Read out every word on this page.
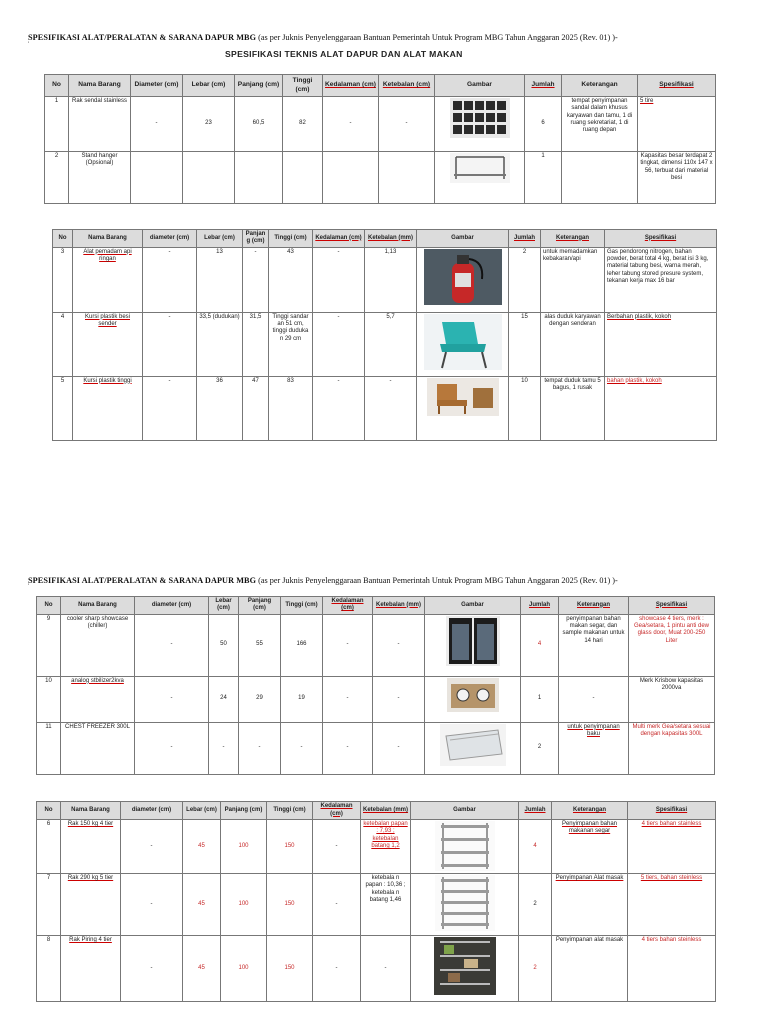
SPESIFIKASI ALAT/PERALATAN & SARANA DAPUR MBG (as per Juknis Penyelenggaraan Bantuan Pemerintah Untuk Program MBG Tahun Anggaran 2025 (Rev. 01) )-
'
SPESIFIKASI TEKNIS ALAT DAPUR DAN ALAT MAKAN
No	Nama Barang	Diameter (cm)	Lebar (cm)	Panjang (cm)	Tinggi (cm)	Kedalaman (cm)	Ketebalan (cm)	Gambar	Jumlah	Keterangan	Spesifikasi
1	Rak sendal stainless	-	23	60,5	82	-	-		6	tempat penyimpanan sandal dalam khusus karyawan dan tamu, 1 di ruang sekretariat, 1 di ruang depan	5 tire
2	Stand hanger (Opsional)								1		Kapasitas besar terdapat 2 tingkat, dimensi 110x 147 x 56, terbuat dari material besi
No	Nama Barang	diameter (cm)	Lebar (cm)	Panjang (cm)	Tinggi (cm)	Kedalaman (cm)	Ketebalan (mm)	Gambar	Jumlah	Keterangan	Spesifikasi
3	Alat pemadam api ringan	-	13	-	43	-	1,13		2	untuk memadamkan kebakaran/api	Gas pendorong nitrogen, bahan powder, berat total 4 kg, berat isi 3 kg, material tabung besi, warna merah, leher tabung stored presure system, tekanan kerja max 16 bar
4	Kursi plastik besi sender	-	33,5 (dudukan)	31,5	Tinggi sandar an 51 cm, tinggi duduka n 29 cm	-	5,7		15	alas duduk karyawan dengan senderan	Berbahan plastik, kokoh
5	Kursi plastik tinggi	-	36	47	83	-	-		10	tempat duduk tamu 5 bagus, 1 rusak	bahan plastik, kokoh
SPESIFIKASI ALAT/PERALATAN & SARANA DAPUR MBG (as per Juknis Penyelenggaraan Bantuan Pemerintah Untuk Program MBG Tahun Anggaran 2025 (Rev. 01) )-
'
No	Nama Barang	diameter (cm)	Lebar (cm)	Panjang (cm)	Tinggi (cm)	Kedalaman (cm)	Ketebalan (mm)	Gambar	Jumlah	Keterangan	Spesifikasi
9	cooler sharp showcase (chiller)	-	50	55	166	-	-		4	penyimpanan bahan makan segar, dan sample makanan untuk 14 hari	showcase 4 tiers, merk : Gea/setara, 1 pintu anti dew glass door, Muat 200-250 Liter
10	analog stbilizer2kva	-	24	29	19	-	-		1	-	Merk Krisbow kapasitas 2000va
11	CHEST FREEZER 300L	-	-	-	-	-	-		2	untuk penyimpanan baku	Multi merk Gea/setara sesuai dengan kapasitas 300L
No	Nama Barang	diameter (cm)	Lebar (cm)	Panjang (cm)	Tinggi (cm)	Kedalaman (cm)	Ketebalan (mm)	Gambar	Jumlah	Keterangan	Spesifikasi
6	Rak 150 kg 4 tier	-	45	100	150	-	ketebalan papan : 7,93 ; ketebalan batang 1,2		4	Penyimpanan bahan makanan segar	4 tiers bahan stainless
7	Rak 290 kg 5 tier	-	45	100	150	-	ketebala n papan : 10,36 ; ketebala n batang 1,46		2	Penyimpanan Alat masak	5 tiers, bahan steinless
8	Rak Piring 4 tier	-	45	100	150	-	-		2	Penyimpanan alat masak	4 tiers bahan steinless
